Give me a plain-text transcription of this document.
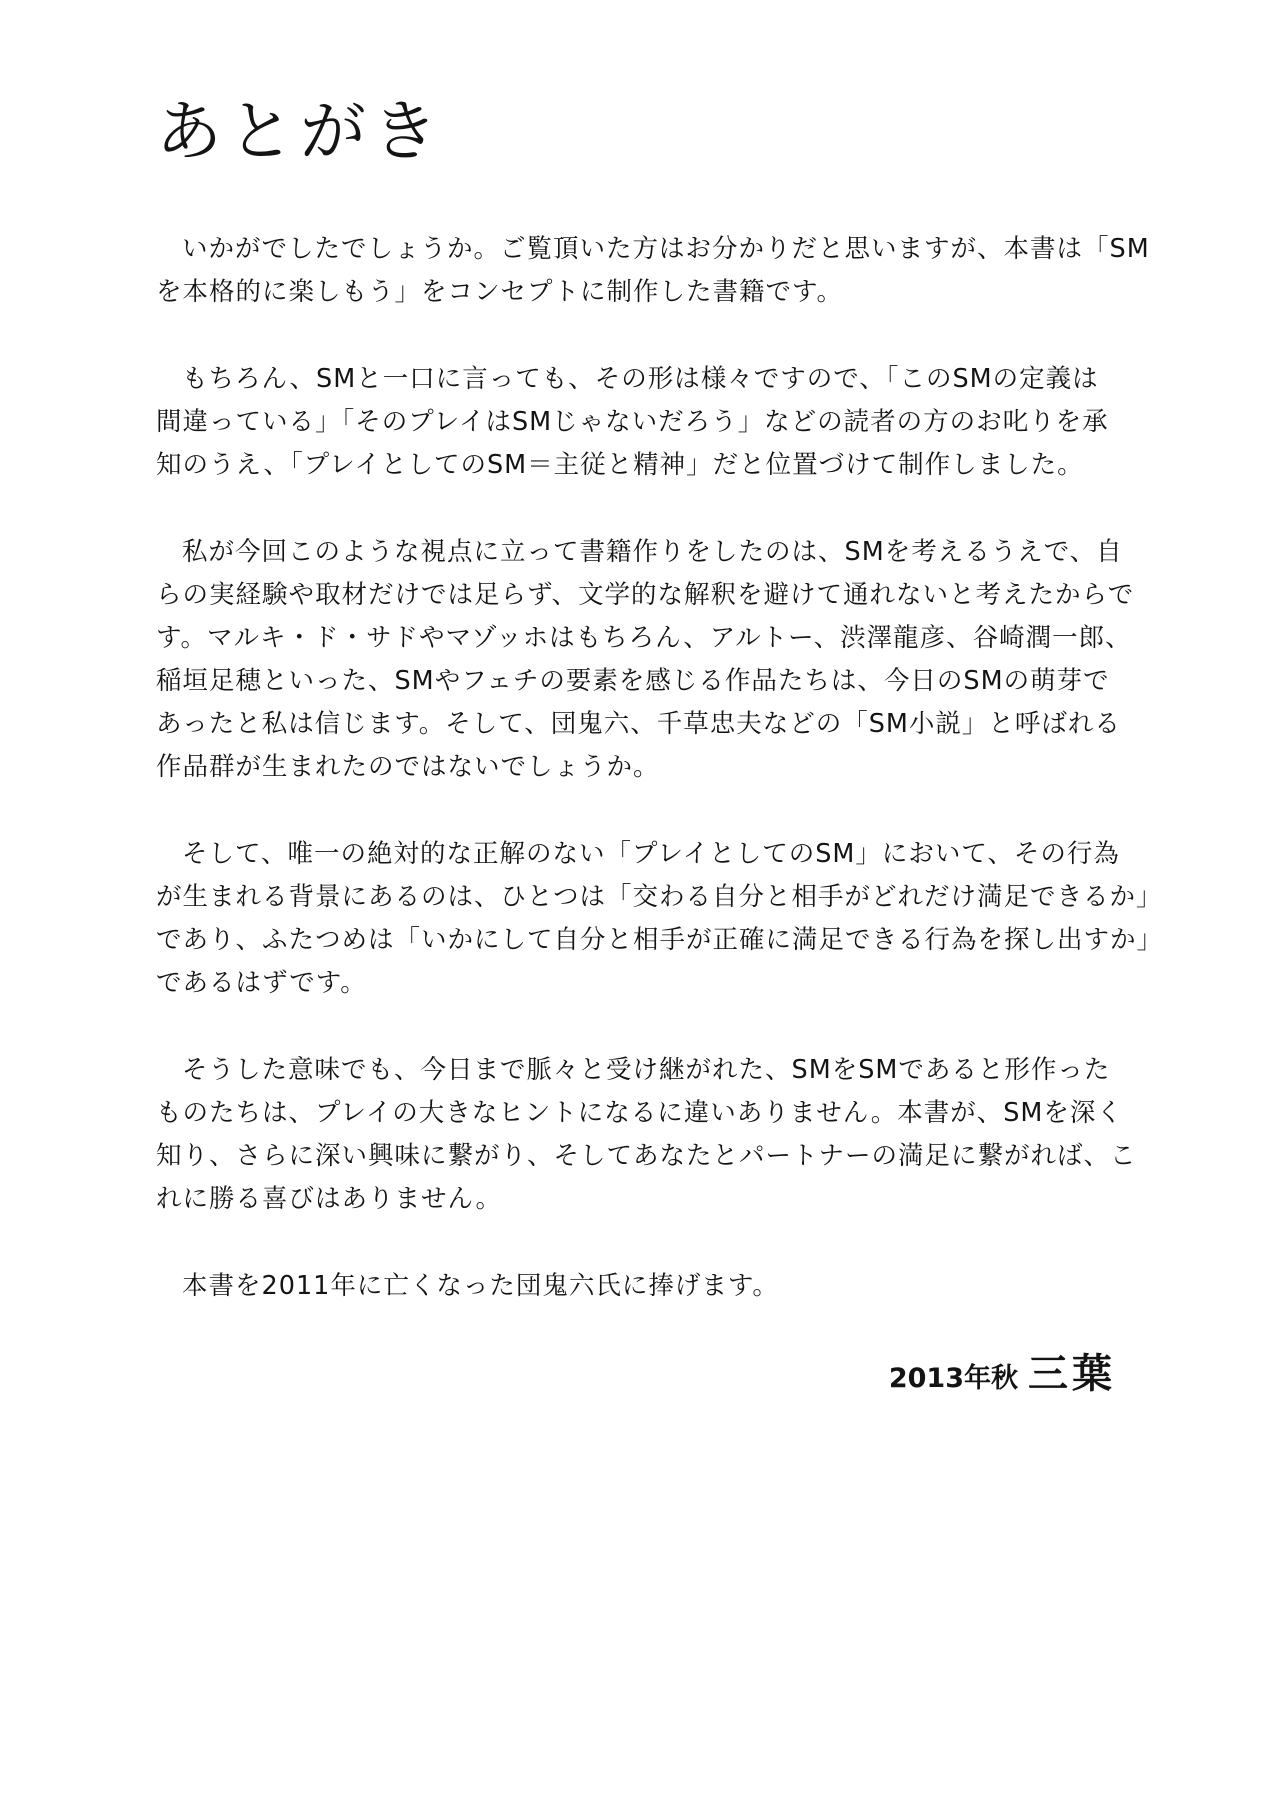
あとがき

いかがでしたでしょうか。ご覧頂いた方はお分かりだと思いますが、本書は「SM
を本格的に楽しもう」をコンセプトに制作した書籍です。

もちろん、SMと一口に言っても、その形は様々ですので、「このSMの定義は
間違っている」「そのプレイはSMじゃないだろう」などの読者の方のお叱りを承
知のうえ、「プレイとしてのSM＝主従と精神」だと位置づけて制作しました。

私が今回このような視点に立って書籍作りをしたのは、SMを考えるうえで、自
らの実経験や取材だけでは足らず、文学的な解釈を避けて通れないと考えたからで
す。マルキ・ド・サドやマゾッホはもちろん、アルトー、渋澤龍彦、谷崎潤一郎、
稲垣足穂といった、SMやフェチの要素を感じる作品たちは、今日のSMの萌芽で
あったと私は信じます。そして、団鬼六、千草忠夫などの「SM小説」と呼ばれる
作品群が生まれたのではないでしょうか。

そして、唯一の絶対的な正解のない「プレイとしてのSM」において、その行為
が生まれる背景にあるのは、ひとつは「交わる自分と相手がどれだけ満足できるか」
であり、ふたつめは「いかにして自分と相手が正確に満足できる行為を探し出すか」
であるはずです。

そうした意味でも、今日まで脈々と受け継がれた、SMをSMであると形作った
ものたちは、プレイの大きなヒントになるに違いありません。本書が、SMを深く
知り、さらに深い興味に繋がり、そしてあなたとパートナーの満足に繋がれば、こ
れに勝る喜びはありません。

本書を2011年に亡くなった団鬼六氏に捧げます。

2013年秋 三葉
